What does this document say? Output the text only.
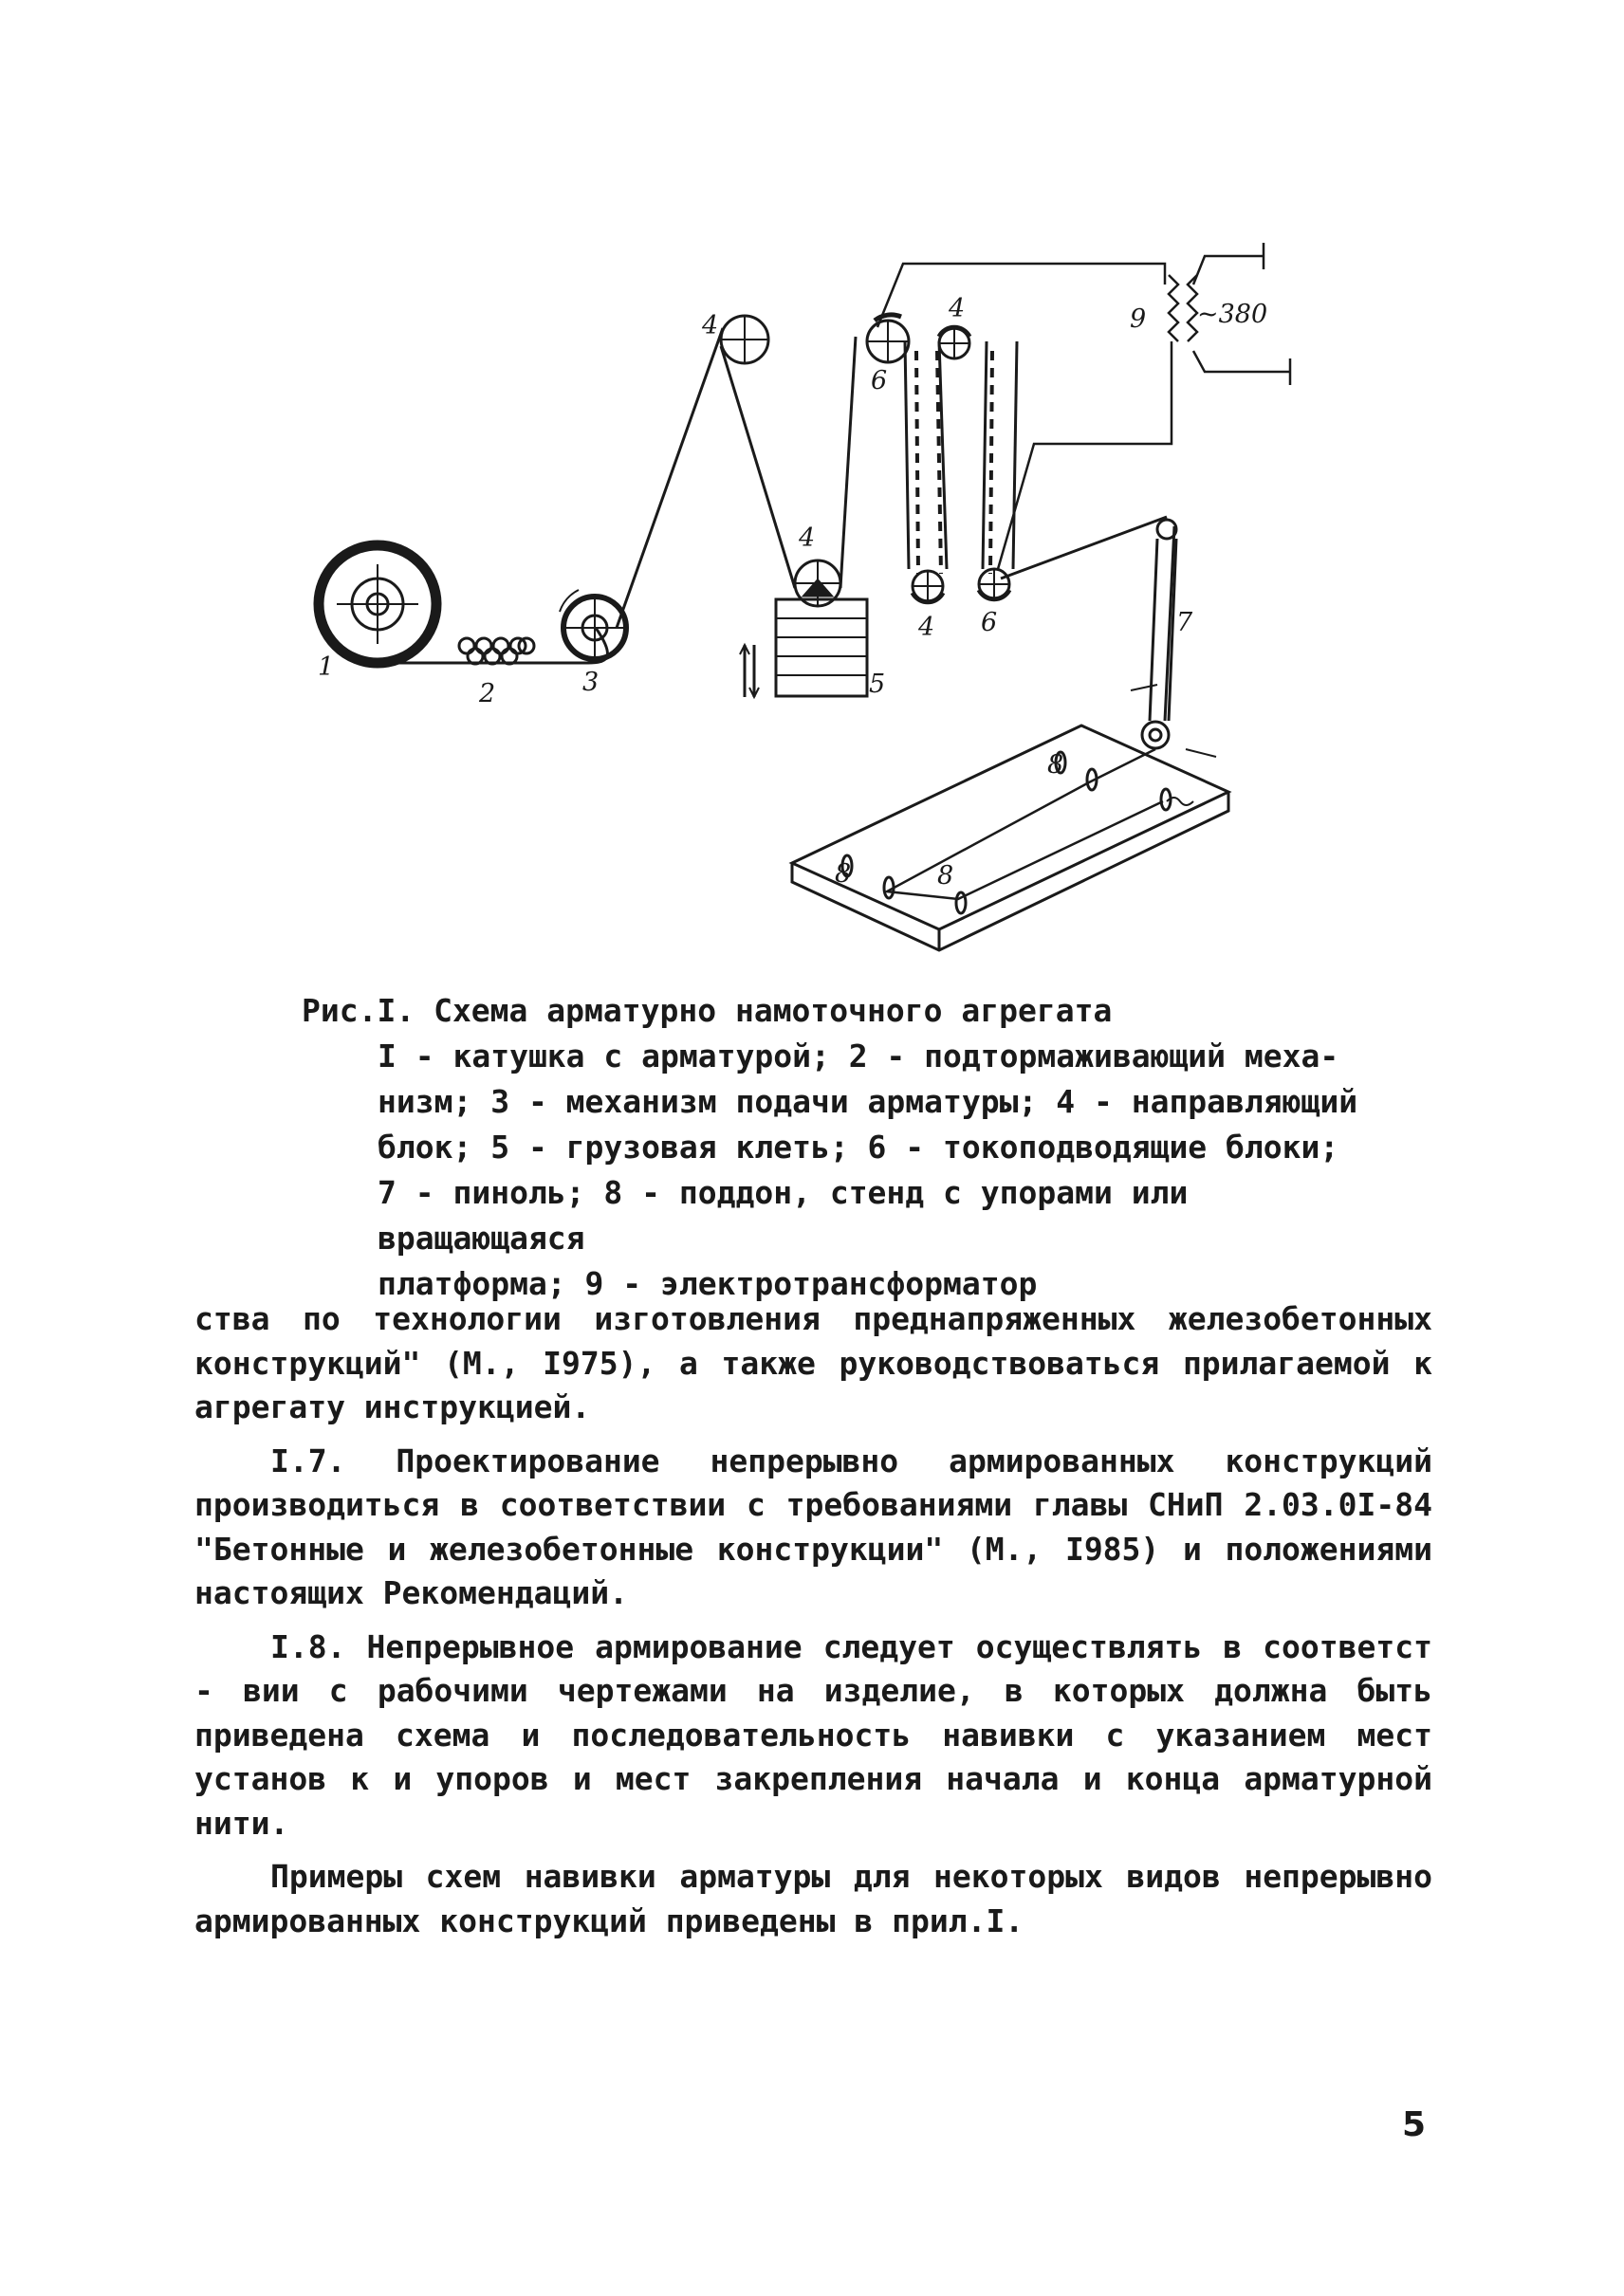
1
2	3
4
4
4
4
5
6
6	7
8
8	8
9 ~380
Рис.I. Схема арматурно намоточного агрегата
I - катушка с арматурой; 2 - подтормаживающий меха-
низм; 3 - механизм подачи арматуры; 4 - направляющий
блок; 5 - грузовая клеть; 6 - токоподводящие блоки;
7 - пиноль; 8 - поддон, стенд с упорами или вращающаяся
платформа; 9 - электротрансформатор

ства по технологии изготовления преднапряженных железобетонных конструкций" (М., I975), а также руководствоваться прилагаемой к агрегату инструкцией.

I.7. Проектирование непрерывно армированных конструкций производиться в соответствии с требованиями главы СНиП 2.03.0I-84 "Бетонные и железобетонные конструкции" (М., I985) и положениями настоящих Рекомендаций.

I.8. Непрерывное армирование следует осуществлять в соответст - вии с рабочими чертежами на изделие, в которых должна быть приведена схема и последовательность навивки с указанием мест установ к и упоров и мест закрепления начала и конца арматурной нити.

Примеры схем навивки арматуры для некоторых видов непрерывно армированных конструкций приведены в прил.I.

5
